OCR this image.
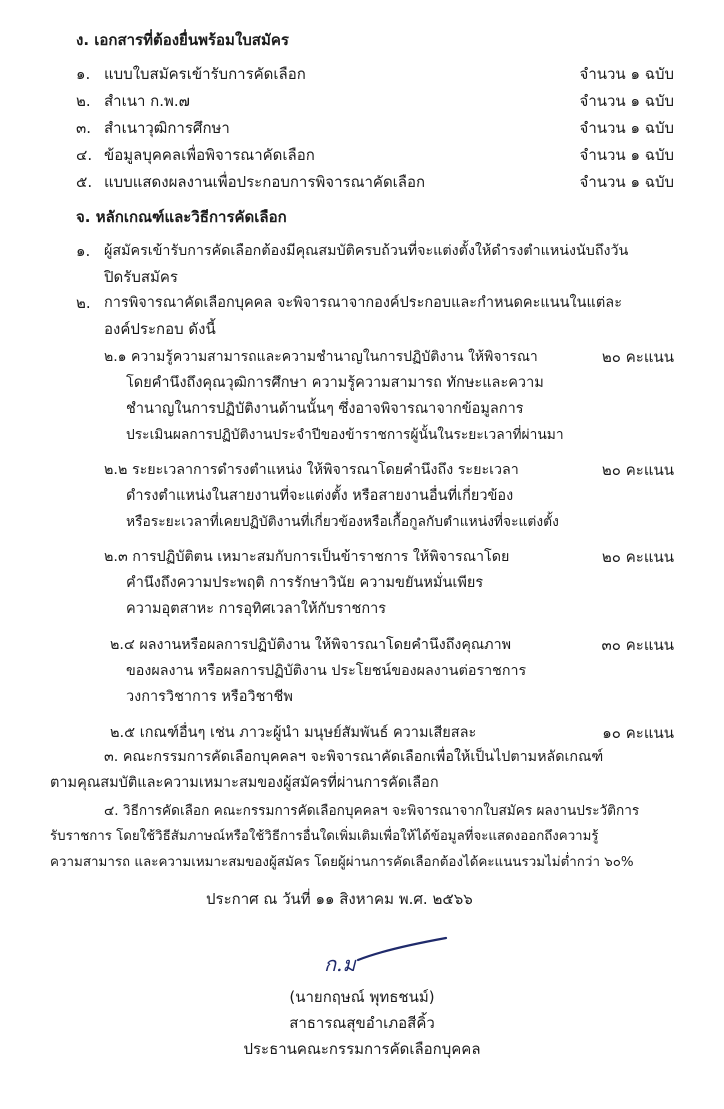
ง. เอกสารที่ต้องยื่นพร้อมใบสมัคร
๑. แบบใบสมัครเข้ารับการคัดเลือก	จำนวน ๑ ฉบับ
๒. สำเนา ก.พ.๗	จำนวน ๑ ฉบับ
๓. สำเนาวุฒิการศึกษา	จำนวน ๑ ฉบับ
๔. ข้อมูลบุคคลเพื่อพิจารณาคัดเลือก	จำนวน ๑ ฉบับ
๕. แบบแสดงผลงานเพื่อประกอบการพิจารณาคัดเลือก	จำนวน ๑ ฉบับ
จ. หลักเกณฑ์และวิธีการคัดเลือก
๑. ผู้สมัครเข้ารับการคัดเลือกต้องมีคุณสมบัติครบถ้วนที่จะแต่งตั้งให้ดำรงตำแหน่งนับถึงวัน
ปิดรับสมัคร
๒. การพิจารณาคัดเลือกบุคคล จะพิจารณาจากองค์ประกอบและกำหนดคะแนนในแต่ละ
องค์ประกอบ ดังนี้
๒.๑ ความรู้ความสามารถและความชำนาญในการปฏิบัติงาน ให้พิจารณา	๒๐ คะแนน
โดยคำนึงถึงคุณวุฒิการศึกษา ความรู้ความสามารถ ทักษะและความ
ชำนาญในการปฏิบัติงานด้านนั้นๆ ซึ่งอาจพิจารณาจากข้อมูลการ
ประเมินผลการปฏิบัติงานประจำปีของข้าราชการผู้นั้นในระยะเวลาที่ผ่านมา
๒.๒ ระยะเวลาการดำรงตำแหน่ง ให้พิจารณาโดยคำนึงถึง ระยะเวลา	๒๐ คะแนน
ดำรงตำแหน่งในสายงานที่จะแต่งตั้ง หรือสายงานอื่นที่เกี่ยวข้อง
หรือระยะเวลาที่เคยปฏิบัติงานที่เกี่ยวข้องหรือเกื้อกูลกับตำแหน่งที่จะแต่งตั้ง
๒.๓ การปฏิบัติตน เหมาะสมกับการเป็นข้าราชการ ให้พิจารณาโดย	๒๐ คะแนน
คำนึงถึงความประพฤติ การรักษาวินัย ความขยันหมั่นเพียร
ความอุตสาหะ การอุทิศเวลาให้กับราชการ
๒.๔ ผลงานหรือผลการปฏิบัติงาน ให้พิจารณาโดยคำนึงถึงคุณภาพ	๓๐ คะแนน
ของผลงาน หรือผลการปฏิบัติงาน ประโยชน์ของผลงานต่อราชการ
วงการวิชาการ หรือวิชาชีพ
๒.๕ เกณฑ์อื่นๆ เช่น ภาวะผู้นำ มนุษย์สัมพันธ์ ความเสียสละ	๑๐ คะแนน
๓. คณะกรรมการคัดเลือกบุคคลฯ จะพิจารณาคัดเลือกเพื่อให้เป็นไปตามหลัดเกณฑ์
ตามคุณสมบัติและความเหมาะสมของผู้สมัครที่ผ่านการคัดเลือก
๔. วิธีการคัดเลือก คณะกรรมการคัดเลือกบุคคลฯ จะพิจารณาจากใบสมัคร ผลงานประวัติการ
รับราชการ โดยใช้วิธีสัมภาษณ์หรือใช้วิธีการอื่นใดเพิ่มเติมเพื่อให้ได้ข้อมูลที่จะแสดงออกถึงความรู้
ความสามารถ และความเหมาะสมของผู้สมัคร โดยผู้ผ่านการคัดเลือกต้องได้คะแนนรวมไม่ต่ำกว่า ๖๐%
ประกาศ ณ วันที่ ๑๑ สิงหาคม พ.ศ. ๒๕๖๖
ก.ม
(นายกฤษณ์ พุทธชนม์)
สาธารณสุขอำเภอสีคิ้ว
ประธานคณะกรรมการคัดเลือกบุคคล
